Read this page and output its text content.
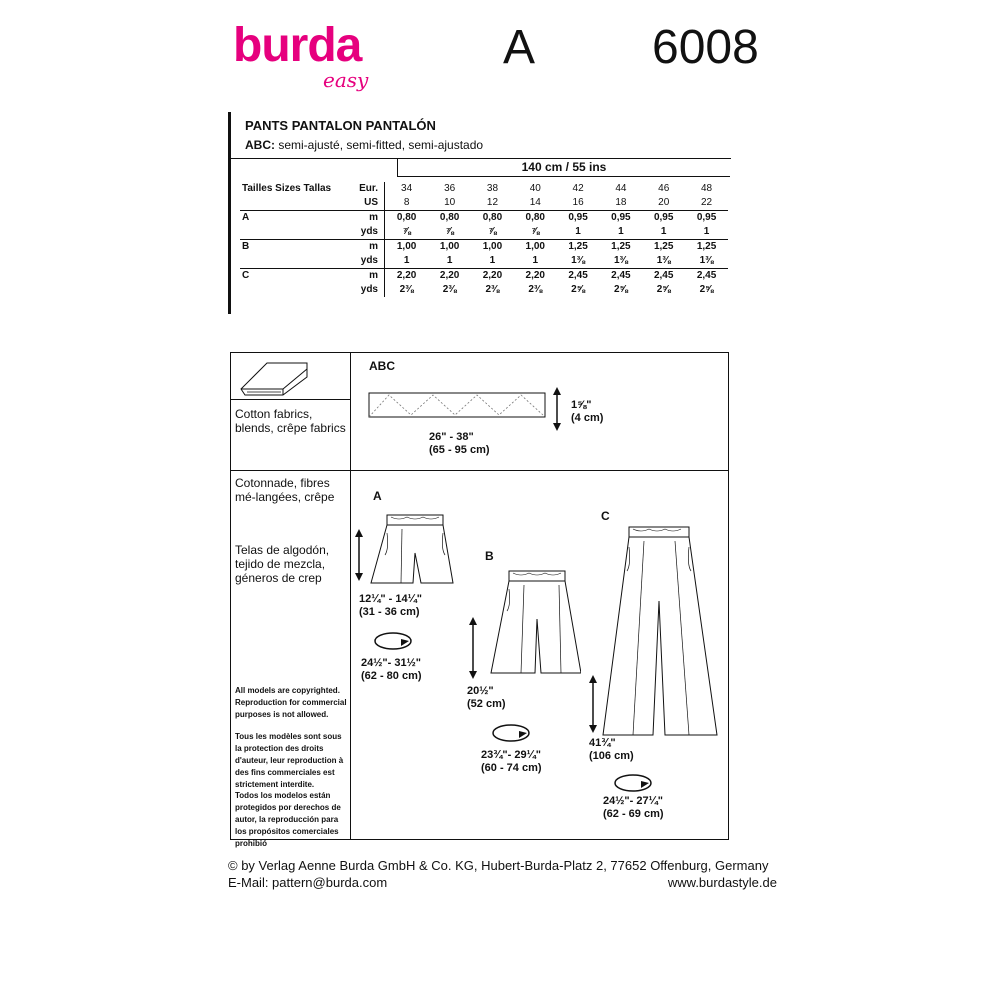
burda
easy
A 6008
PANTS PANTALON PANTALÓN
ABC: semi-ajusté, semi-fitted, semi-ajustado
140 cm / 55 ins
Tailles Sizes Tallas	Eur.	34	36	38	40	42	44	46	48
	US	8	10	12	14	16	18	20	22
A	m	0,80	0,80	0,80	0,80	0,95	0,95	0,95	0,95
	yds	⅞	⅞	⅞	⅞	1	1	1	1
B	m	1,00	1,00	1,00	1,00	1,25	1,25	1,25	1,25
	yds	1	1	1	1	1⅜	1⅜	1⅜	1⅜
C	m	2,20	2,20	2,20	2,20	2,45	2,45	2,45	2,45
	yds	2⅜	2⅜	2⅜	2⅜	2⅝	2⅝	2⅝	2⅝
Cotton fabrics, blends, crêpe fabrics
Cotonnade, fibres mé-langées, crêpe
Telas de algodón, tejido de mezcla, géneros de crep
All models are copyrighted. Reproduction for commercial purposes is not allowed.
Tous les modèles sont sous la protection des droits d'auteur, leur reproduction à des fins commerciales est strictement interdite.
Todos los modelos están protegidos por derechos de autor, la reproducción para los propósitos comerciales prohibió
ABC
1⅝"
(4 cm)
26" - 38"
(65 - 95 cm)
A
12¼" - 14¼"
(31 - 36 cm)
24½"- 31½"
(62 - 80 cm)
B
20½"
(52 cm)
23¾"- 29¼"
(60 - 74 cm)
C
41¾"
(106 cm)
24½"- 27¼"
(62 - 69 cm)
© by Verlag Aenne Burda GmbH & Co. KG, Hubert-Burda-Platz 2, 77652 Offenburg, Germany
E-Mail: pattern@burda.com	www.burdastyle.de
